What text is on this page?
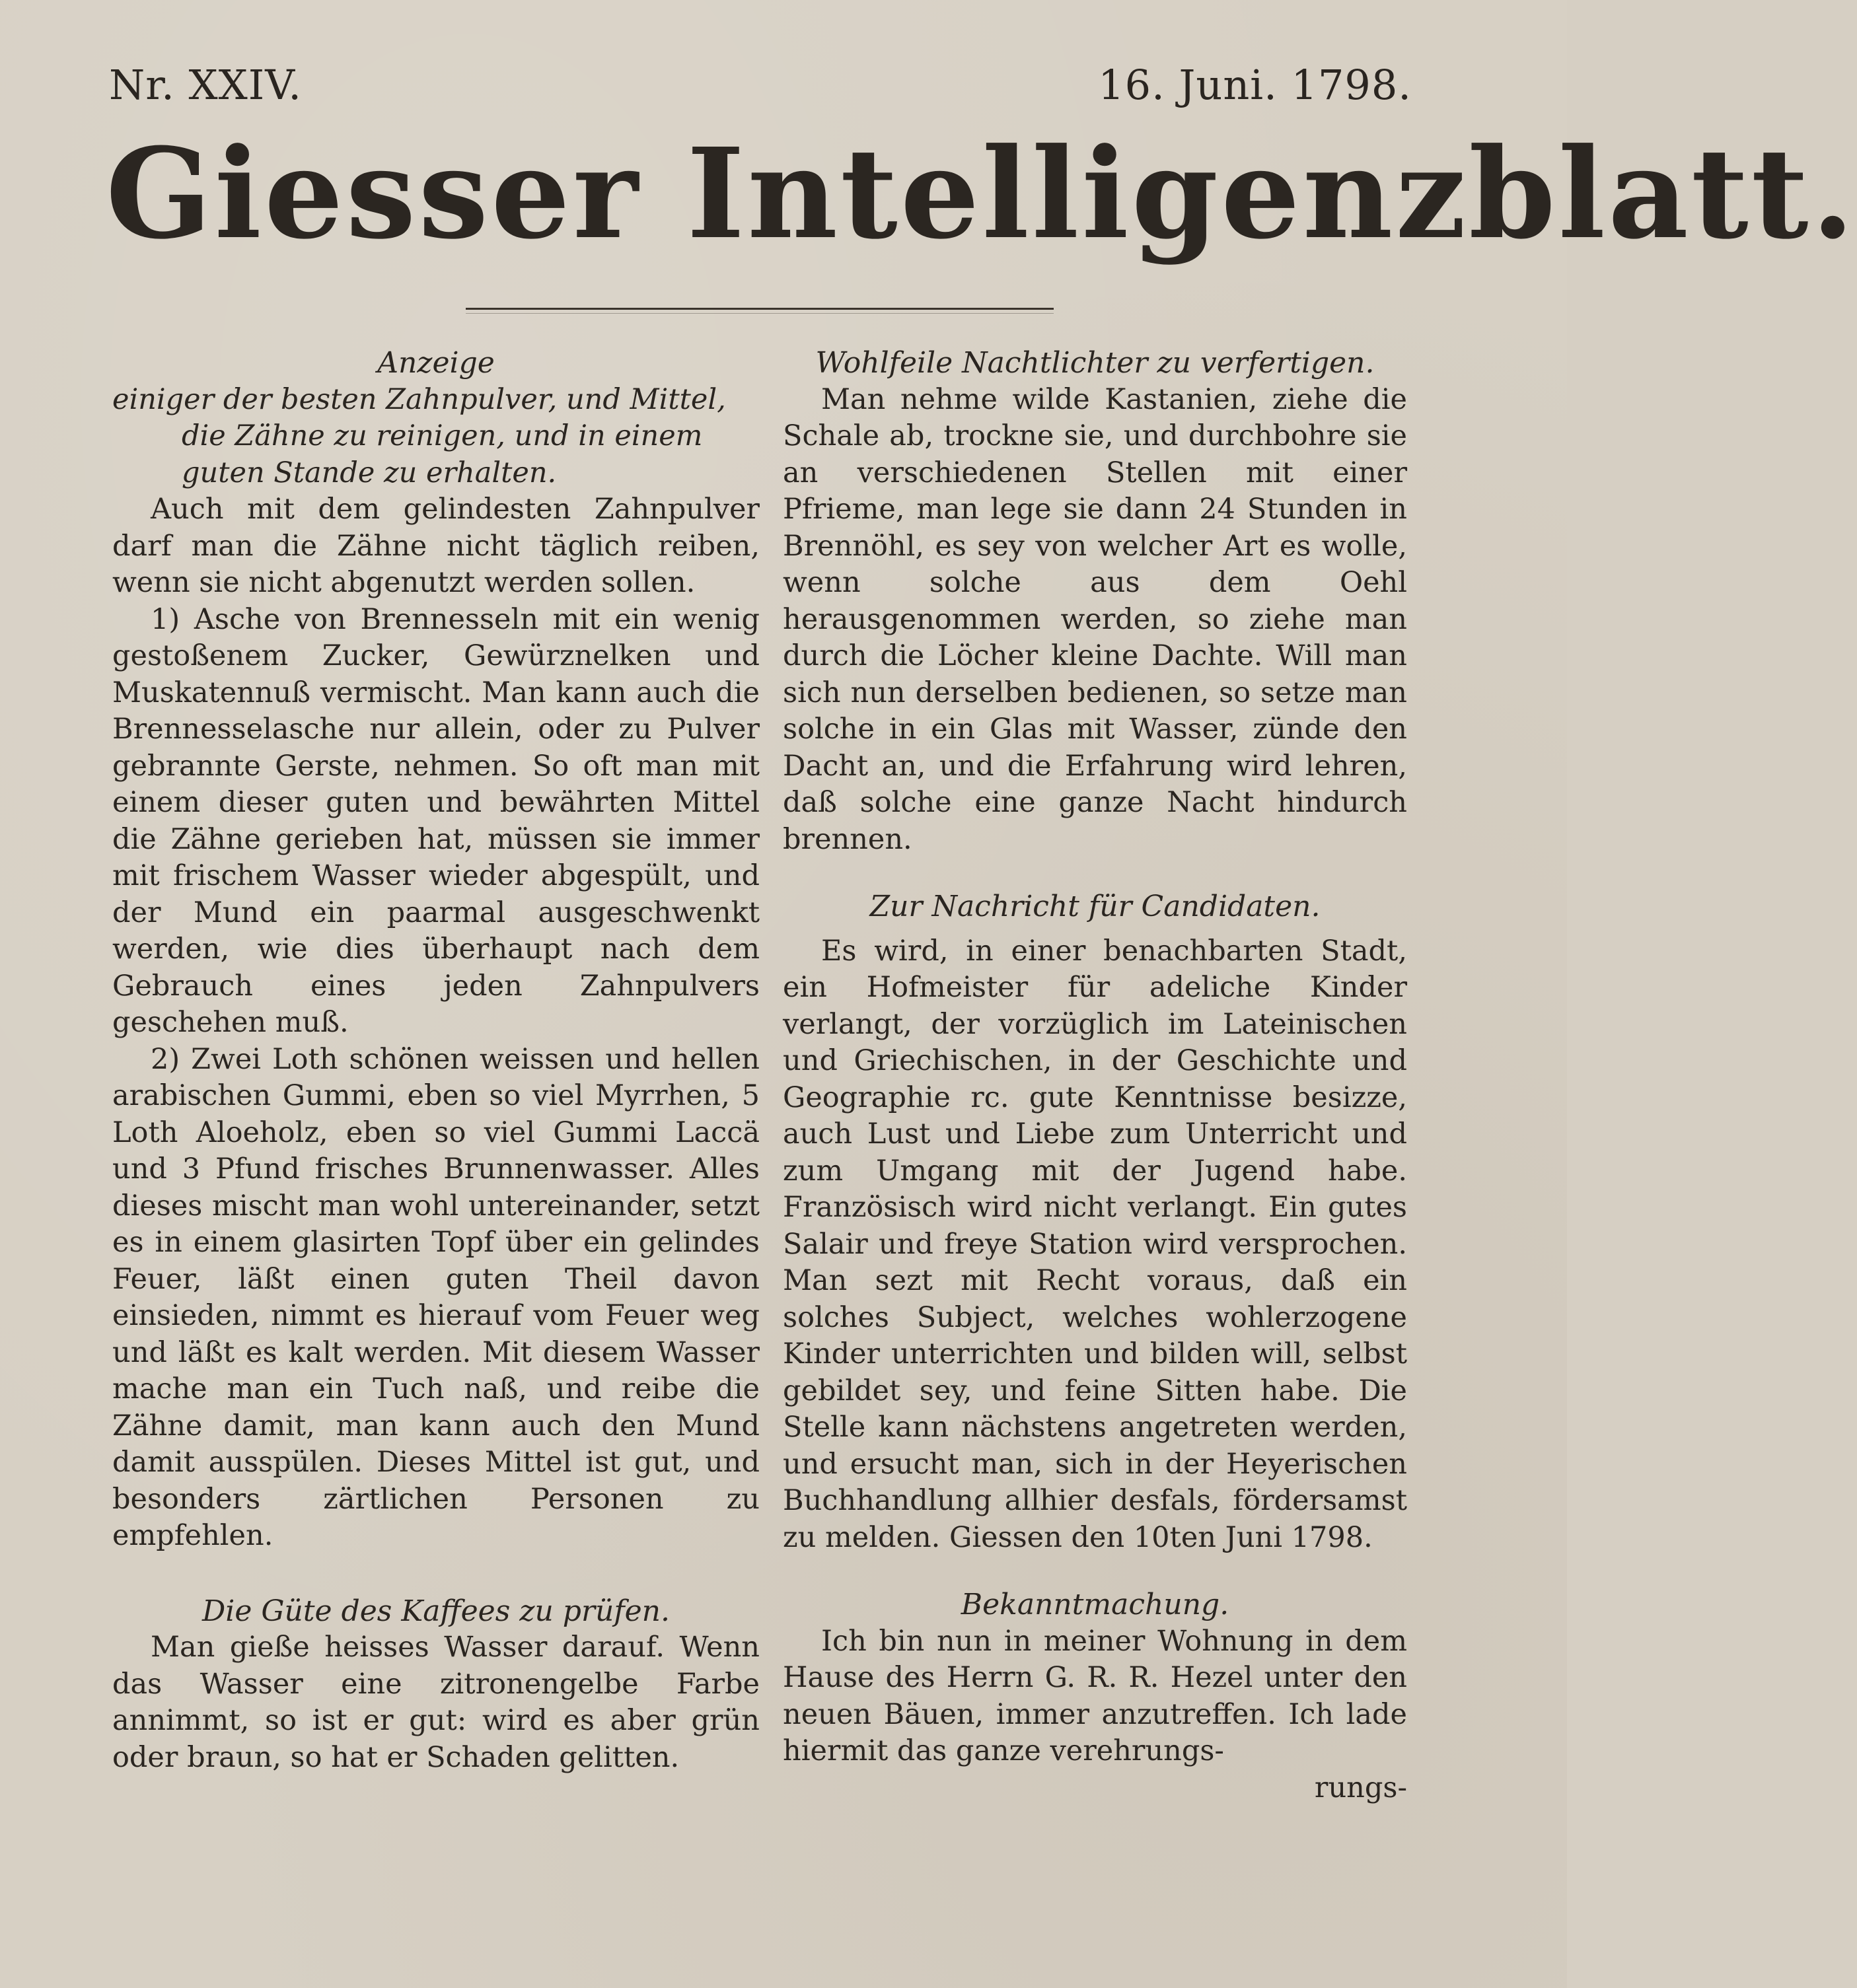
Nr. XXIV.	16. Juni. 1798.
Giesser Intelligenzblatt.
Anzeige
einiger der besten Zahnpulver, und Mittel, die Zähne zu reinigen, und in einem guten Stande zu erhalten.

Auch mit dem gelindesten Zahnpulver darf man die Zähne nicht täglich reiben, wenn sie nicht abgenutzt werden sollen.

1) Asche von Brennesseln mit ein wenig gestoßenem Zucker, Gewürznelken und Muskatennuß vermischt. Man kann auch die Brennesselasche nur allein, oder zu Pulver gebrannte Gerste, nehmen. So oft man mit einem dieser guten und bewährten Mittel die Zähne gerieben hat, müssen sie immer mit frischem Wasser wieder abgespült, und der Mund ein paarmal ausgeschwenkt werden, wie dies überhaupt nach dem Gebrauch eines jeden Zahnpulvers geschehen muß.

2) Zwei Loth schönen weissen und hellen arabischen Gummi, eben so viel Myrrhen, 5 Loth Aloeholz, eben so viel Gummi Laccä und 3 Pfund frisches Brunnenwasser. Alles dieses mischt man wohl untereinander, setzt es in einem glasirten Topf über ein gelindes Feuer, läßt einen guten Theil davon einsieden, nimmt es hierauf vom Feuer weg und läßt es kalt werden. Mit diesem Wasser mache man ein Tuch naß, und reibe die Zähne damit, man kann auch den Mund damit ausspülen. Dieses Mittel ist gut, und besonders zärtlichen Personen zu empfehlen.

Die Güte des Kaffees zu prüfen.

Man gieße heisses Wasser darauf. Wenn das Wasser eine zitronengelbe Farbe annimmt, so ist er gut: wird es aber grün oder braun, so hat er Schaden gelitten.

Wohlfeile Nachtlichter zu verfertigen.

Man nehme wilde Kastanien, ziehe die Schale ab, trockne sie, und durchbohre sie an verschiedenen Stellen mit einer Pfrieme, man lege sie dann 24 Stunden in Brennöhl, es sey von welcher Art es wolle, wenn solche aus dem Oehl herausgenommen werden, so ziehe man durch die Löcher kleine Dachte. Will man sich nun derselben bedienen, so setze man solche in ein Glas mit Wasser, zünde den Dacht an, und die Erfahrung wird lehren, daß solche eine ganze Nacht hindurch brennen.

Zur Nachricht für Candidaten.

Es wird, in einer benachbarten Stadt, ein Hofmeister für adeliche Kinder verlangt, der vorzüglich im Lateinischen und Griechischen, in der Geschichte und Geographie rc. gute Kenntnisse besizze, auch Lust und Liebe zum Unterricht und zum Umgang mit der Jugend habe. Französisch wird nicht verlangt. Ein gutes Salair und freye Station wird versprochen. Man sezt mit Recht voraus, daß ein solches Subject, welches wohlerzogene Kinder unterrichten und bilden will, selbst gebildet sey, und feine Sitten habe. Die Stelle kann nächstens angetreten werden, und ersucht man, sich in der Heyerischen Buchhandlung allhier desfals, fördersamst zu melden. Giessen den 10ten Juni 1798.

Bekanntmachung.

Ich bin nun in meiner Wohnung in dem Hause des Herrn G. R. R. Hezel unter den neuen Bäuen, immer anzutreffen. Ich lade hiermit das ganze verehrungs-

rungs-
